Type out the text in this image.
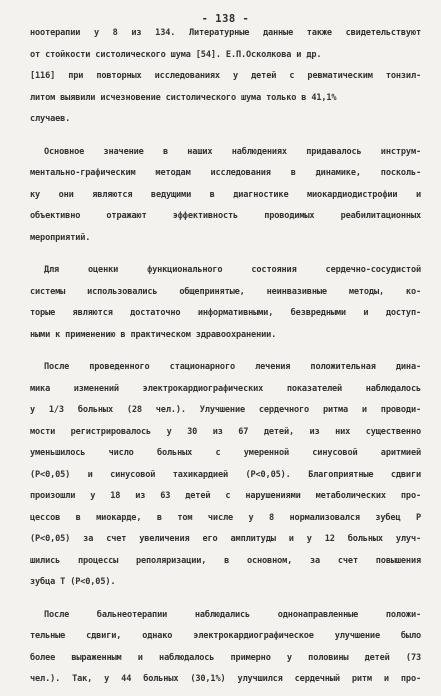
- 138 -
ноотерапии у 8 из 134. Литературные данные также свидетельствуют
от стойкости систолического шума [54]. Е.П.Осколкова и др.
[116] при повторных исследованиях у детей с ревматическим тонзил-
литом выявили исчезновение систолического шума только в 41,1%
случаев.
Основное значение в наших наблюдениях придавалось инструм-
ментально-графическим методам исследования в динамике, посколь-
ку они являются ведущими в диагностике миокардиодистрофии и
объективно отражают эффективность проводимых реабилитационных
мероприятий.
Для оценки функционального состояния сердечно-сосудистой
системы использовались общепринятые, неинвазивные методы, ко-
торые являются достаточно информативными, безвредными и доступ-
ными к применению в практическом здравоохранении.
После проведенного стационарного лечения положительная дина-
мика изменений электрокардиографических показателей наблюдалось
у 1/3 больных (28 чел.). Улучшение сердечного ритма и проводи-
мости регистрировалось у 30 из 67 детей, из них существенно
уменьшилось число больных с умеренной синусовой аритмией
(P<0,05) и синусовой тахикардией (P<0,05). Благоприятные сдвиги
произошли у 18 из 63 детей с нарушениями метаболических про-
цессов в миокарде, в том числе у 8 нормализовался зубец P
(P<0,05) за счет увеличения его амплитуды и у 12 больных улуч-
шились процессы реполяризации, в основном, за счет повышения
зубца T (P<0,05).
После бальнеотерапии наблюдались однонаправленные положи-
тельные сдвиги, однако электрокардиографическое улучшение было
более выраженным и наблюдалось примерно у половины детей (73
чел.). Так, у 44 больных (30,1%) улучшился сердечный ритм и про-
